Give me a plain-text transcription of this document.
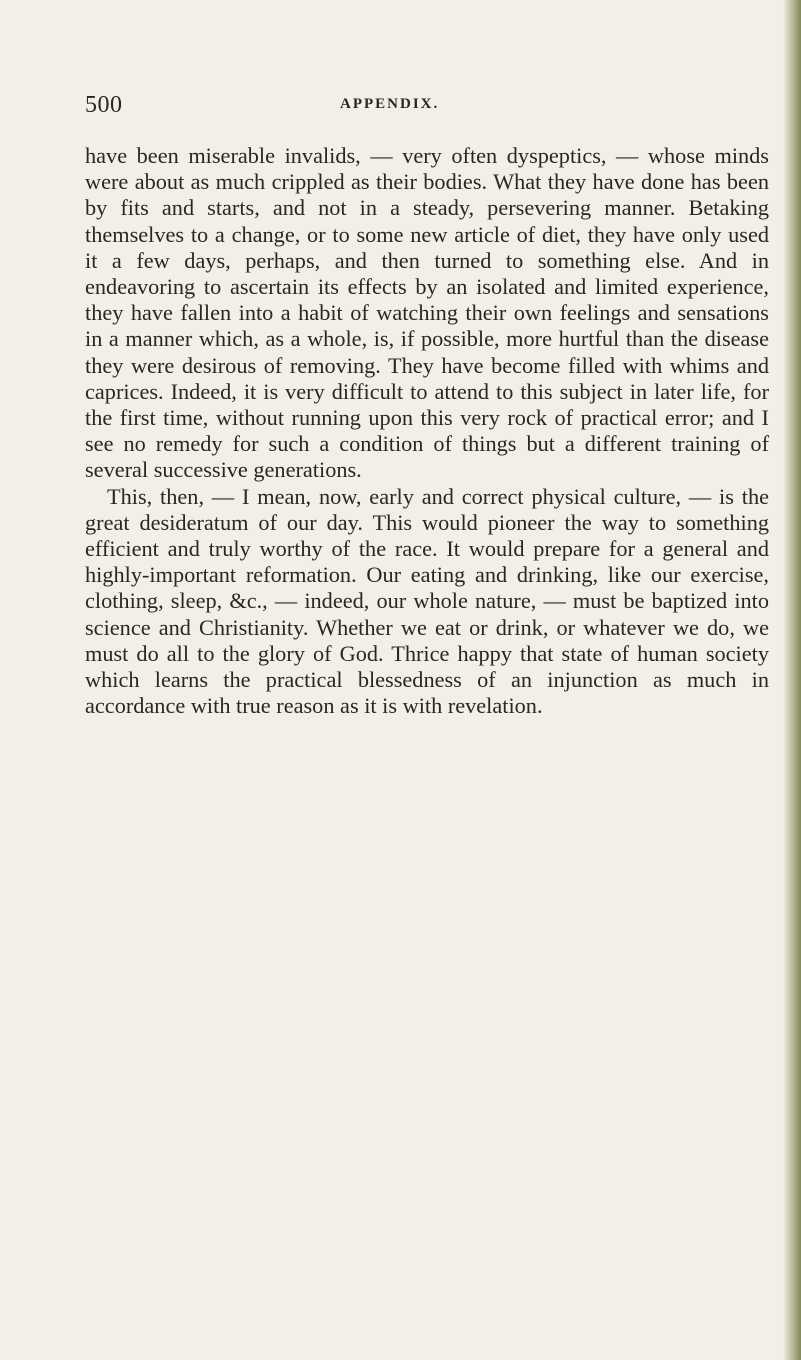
500	APPENDIX.

have been miserable invalids, — very often dyspeptics, — whose minds were about as much crippled as their bodies. What they have done has been by fits and starts, and not in a steady, persevering manner. Betaking themselves to a change, or to some new article of diet, they have only used it a few days, perhaps, and then turned to something else. And in endeavoring to ascertain its effects by an isolated and limited experience, they have fallen into a habit of watching their own feelings and sensations in a manner which, as a whole, is, if possible, more hurtful than the disease they were desirous of removing. They have become filled with whims and caprices. Indeed, it is very difficult to attend to this subject in later life, for the first time, without running upon this very rock of practical error; and I see no remedy for such a condition of things but a different training of several successive generations.

This, then, — I mean, now, early and correct physical culture, — is the great desideratum of our day. This would pioneer the way to something efficient and truly worthy of the race. It would prepare for a general and highly-important reformation. Our eating and drinking, like our exercise, clothing, sleep, &c., — indeed, our whole nature, — must be baptized into science and Christianity. Whether we eat or drink, or whatever we do, we must do all to the glory of God. Thrice happy that state of human society which learns the practical blessedness of an injunction as much in accordance with true reason as it is with revelation.
